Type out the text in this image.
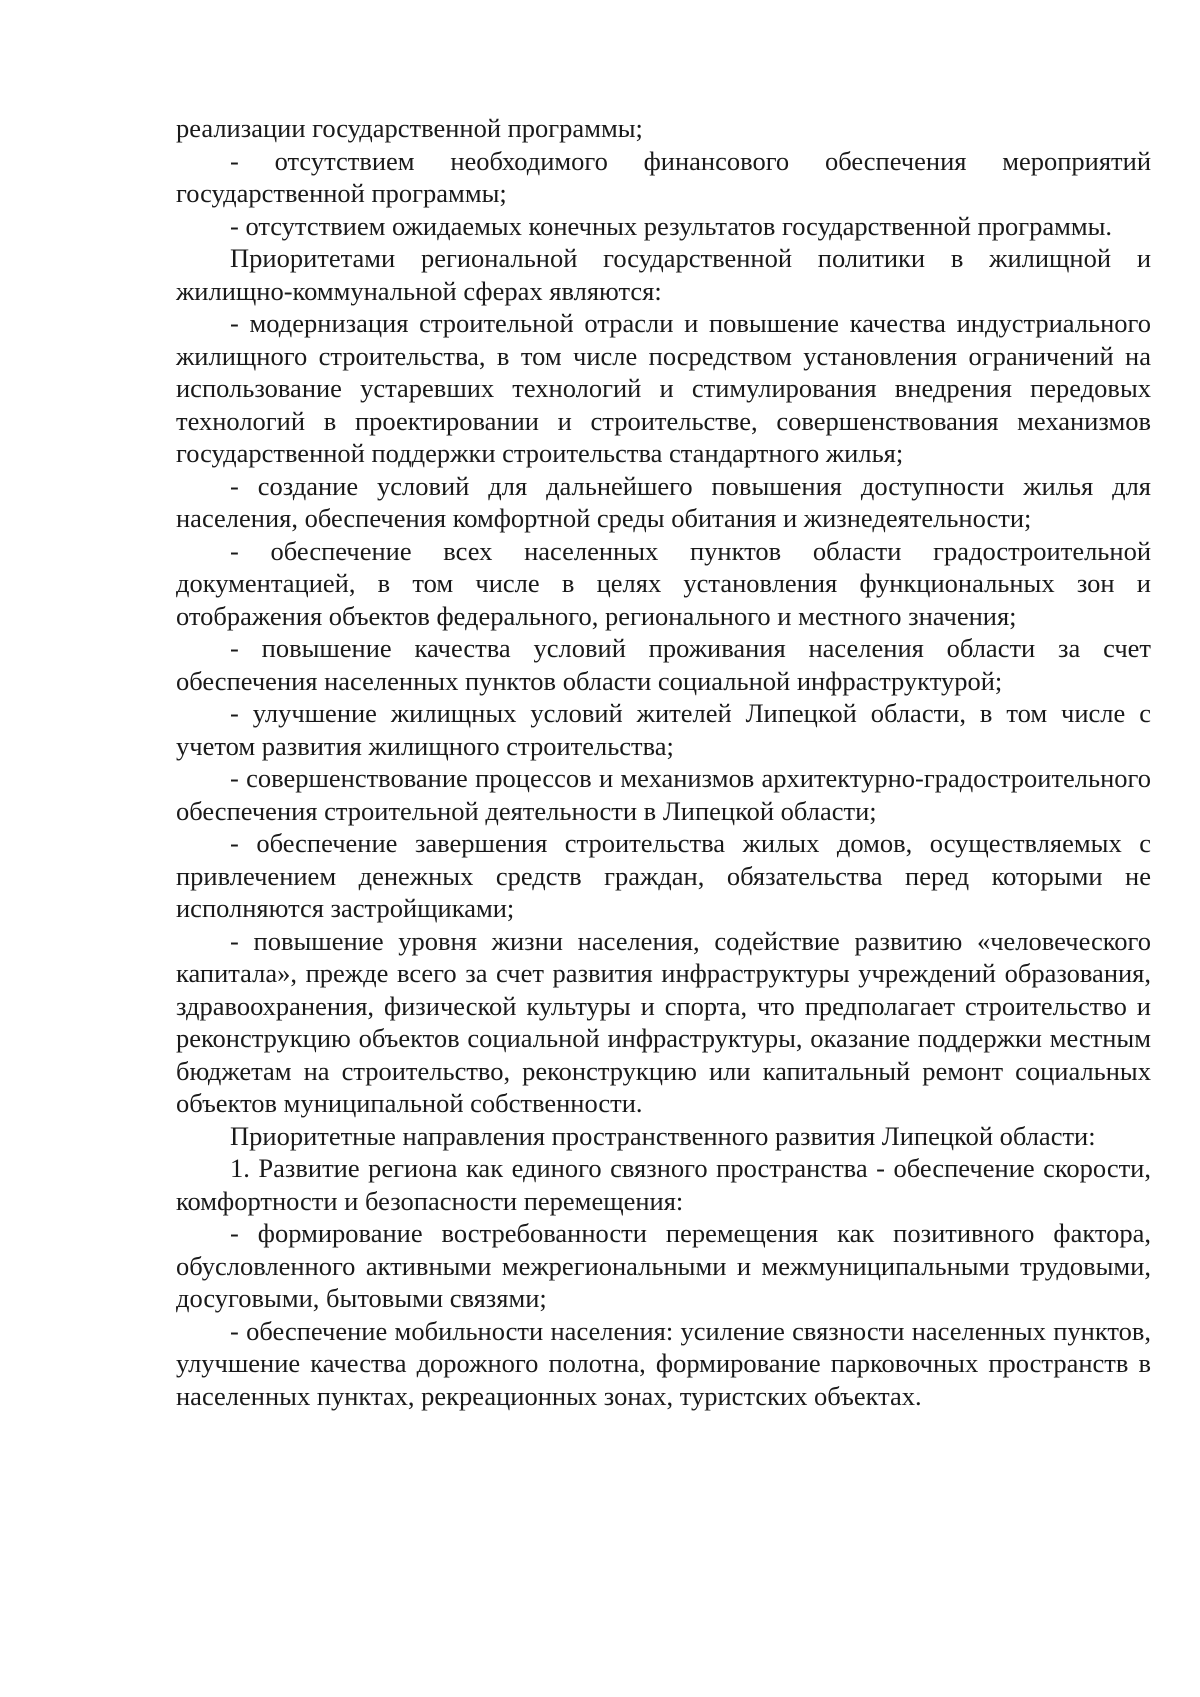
реализации государственной программы;

- отсутствием необходимого финансового обеспечения мероприятий государственной программы;

- отсутствием ожидаемых конечных результатов государственной программы.

Приоритетами региональной государственной политики в жилищной и жилищно-коммунальной сферах являются:

- модернизация строительной отрасли и повышение качества индустриального жилищного строительства, в том числе посредством установления ограничений на использование устаревших технологий и стимулирования внедрения передовых технологий в проектировании и строительстве, совершенствования механизмов государственной поддержки строительства стандартного жилья;

- создание условий для дальнейшего повышения доступности жилья для населения, обеспечения комфортной среды обитания и жизнедеятельности;

- обеспечение всех населенных пунктов области градостроительной документацией, в том числе в целях установления функциональных зон и отображения объектов федерального, регионального и местного значения;

- повышение качества условий проживания населения области за счет обеспечения населенных пунктов области социальной инфраструктурой;

- улучшение жилищных условий жителей Липецкой области, в том числе с учетом развития жилищного строительства;

- совершенствование процессов и механизмов архитектурно-градостроительного обеспечения строительной деятельности в Липецкой области;

- обеспечение завершения строительства жилых домов, осуществляемых с привлечением денежных средств граждан, обязательства перед которыми не исполняются застройщиками;

- повышение уровня жизни населения, содействие развитию «человеческого капитала», прежде всего за счет развития инфраструктуры учреждений образования, здравоохранения, физической культуры и спорта, что предполагает строительство и реконструкцию объектов социальной инфраструктуры, оказание поддержки местным бюджетам на строительство, реконструкцию или капитальный ремонт социальных объектов муниципальной собственности.

Приоритетные направления пространственного развития Липецкой области:

1. Развитие региона как единого связного пространства - обеспечение скорости, комфортности и безопасности перемещения:

- формирование востребованности перемещения как позитивного фактора, обусловленного активными межрегиональными и межмуниципальными трудовыми, досуговыми, бытовыми связями;

- обеспечение мобильности населения: усиление связности населенных пунктов, улучшение качества дорожного полотна, формирование парковочных пространств в населенных пунктах, рекреационных зонах, туристских объектах.
